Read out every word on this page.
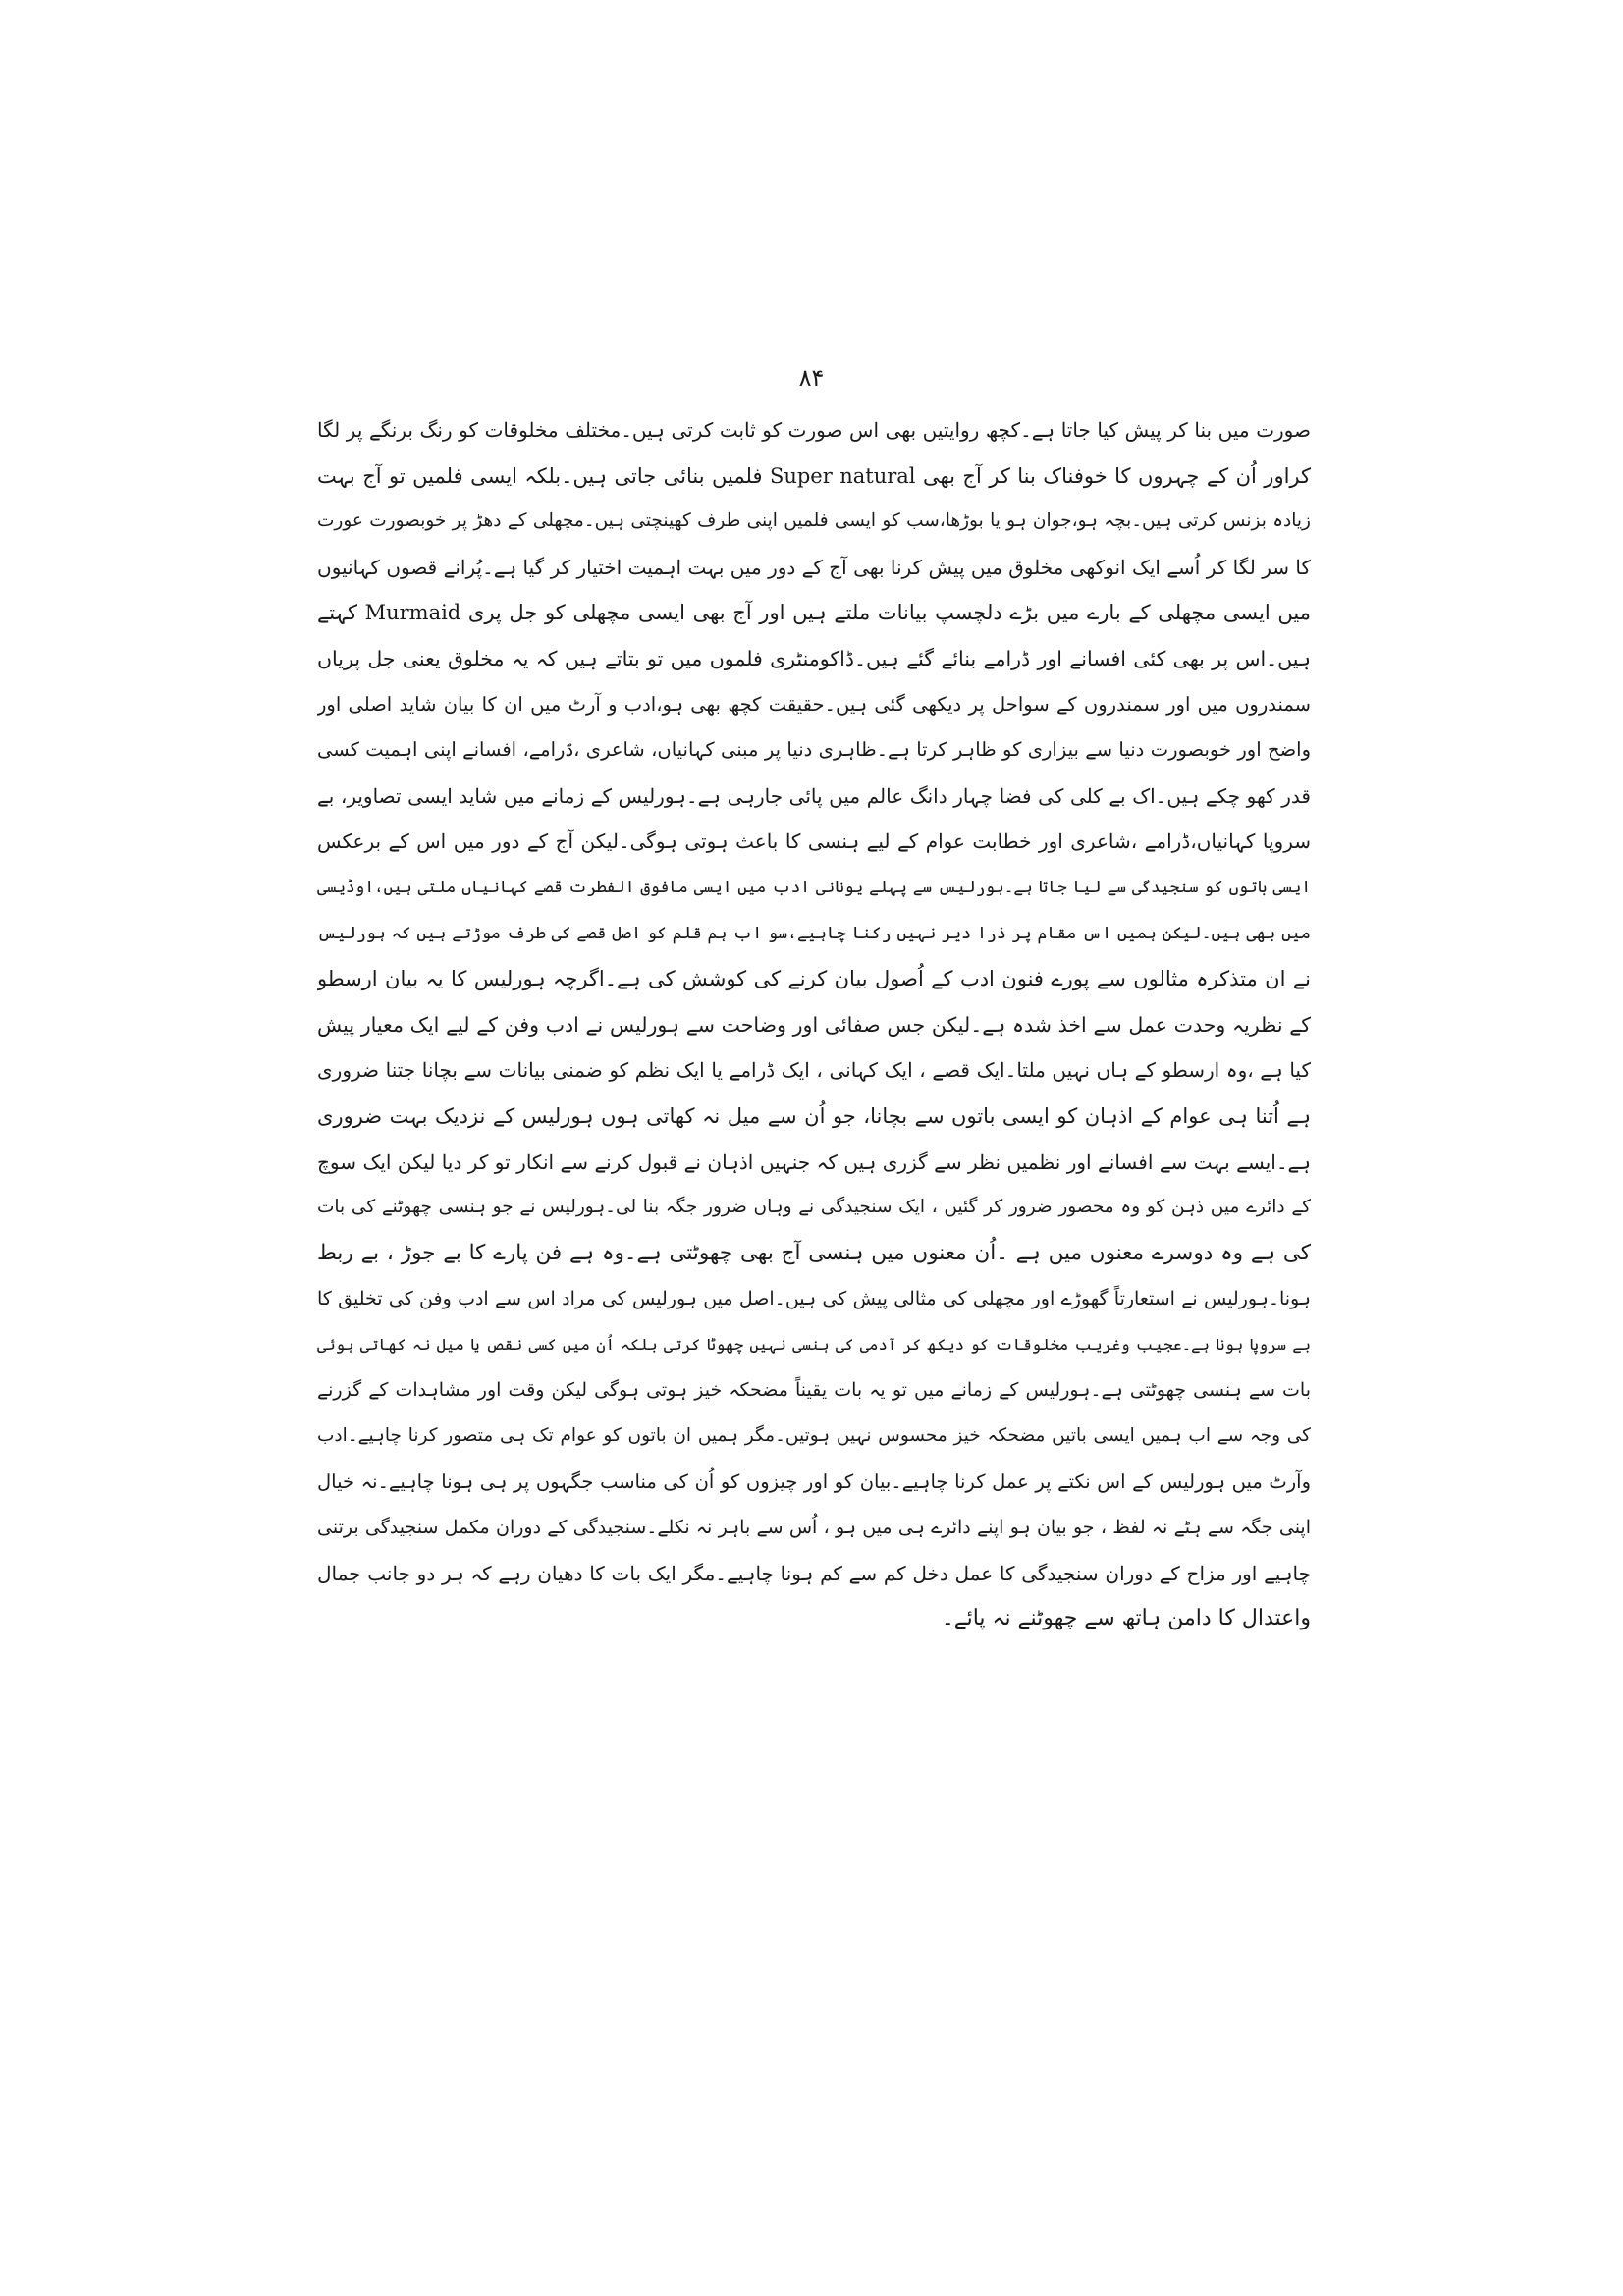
۸۴
صورت میں بنا کر پیش کیا جاتا ہے۔کچھ روایتیں بھی اس صورت کو ثابت کرتی ہیں۔مختلف مخلوقات کو رنگ برنگے پر لگا
کراور اُن کے چہروں کا خوفناک بنا کر آج بھی Super natural فلمیں بنائی جاتی ہیں۔بلکہ ایسی فلمیں تو آج بہت
زیادہ بزنس کرتی ہیں۔بچہ ہو،جوان ہو یا بوڑھا،سب کو ایسی فلمیں اپنی طرف کھینچتی ہیں۔مچھلی کے دھڑ پر خوبصورت عورت
کا سر لگا کر اُسے ایک انوکھی مخلوق میں پیش کرنا بھی آج کے دور میں بہت اہمیت اختیار کر گیا ہے۔پُرانے قصوں کہانیوں
میں ایسی مچھلی کے بارے میں بڑے دلچسپ بیانات ملتے ہیں اور آج بھی ایسی مچھلی کو جل پری Murmaid کہتے
ہیں۔اس پر بھی کئی افسانے اور ڈرامے بنائے گئے ہیں۔ڈاکومنٹری فلموں میں تو بتاتے ہیں کہ یہ مخلوق یعنی جل پریاں
سمندروں میں اور سمندروں کے سواحل پر دیکھی گئی ہیں۔حقیقت کچھ بھی ہو،ادب و آرٹ میں ان کا بیان شاید اصلی اور
واضح اور خوبصورت دنیا سے بیزاری کو ظاہر کرتا ہے۔ظاہری دنیا پر مبنی کہانیاں، شاعری ،ڈرامے، افسانے اپنی اہمیت کسی
قدر کھو چکے ہیں۔اک بے کلی کی فضا چہار دانگ عالم میں پائی جارہی ہے۔ہورلیس کے زمانے میں شاید ایسی تصاویر، بے
سروپا کہانیاں،ڈرامے ،شاعری اور خطابت عوام کے لیے ہنسی کا باعث ہوتی ہوگی۔لیکن آج کے دور میں اس کے برعکس
ایسی باتوں کو سنجیدگی سے لیا جاتا ہے۔ہورلیس سے پہلے یونانی ادب میں ایسی مافوق الفطرت قصے کہانیاں ملتی ہیں،اوڈیسی
میں بھی ہیں۔لیکن ہمیں اس مقام پر ذرا دیر نہیں رکنا چاہیے،سو اب ہم قلم کو اصل قصے کی طرف موڑتے ہیں کہ ہورلیس
نے ان متذکرہ مثالوں سے پورے فنون ادب کے اُصول بیان کرنے کی کوشش کی ہے۔اگرچہ ہورلیس کا یہ بیان ارسطو
کے نظریہ وحدت عمل سے اخذ شدہ ہے۔لیکن جس صفائی اور وضاحت سے ہورلیس نے ادب وفن کے لیے ایک معیار پیش
کیا ہے ،وہ ارسطو کے ہاں نہیں ملتا۔ایک قصے ، ایک کہانی ، ایک ڈرامے یا ایک نظم کو ضمنی بیانات سے بچانا جتنا ضروری
ہے اُتنا ہی عوام کے اذہان کو ایسی باتوں سے بچانا، جو اُن سے میل نہ کھاتی ہوں ہورلیس کے نزدیک بہت ضروری
ہے۔ایسے بہت سے افسانے اور نظمیں نظر سے گزری ہیں کہ جنہیں اذہان نے قبول کرنے سے انکار تو کر دیا لیکن ایک سوچ
کے دائرے میں ذہن کو وہ محصور ضرور کر گئیں ، ایک سنجیدگی نے وہاں ضرور جگہ بنا لی۔ہورلیس نے جو ہنسی چھوٹنے کی بات
کی ہے وہ دوسرے معنوں میں ہے ۔اُن معنوں میں ہنسی آج بھی چھوٹتی ہے۔وہ ہے فن پارے کا بے جوڑ ، بے ربط
ہونا۔ہورلیس نے استعارتاً گھوڑے اور مچھلی کی مثالی پیش کی ہیں۔اصل میں ہورلیس کی مراد اس سے ادب وفن کی تخلیق کا
بے سروپا ہونا ہے۔عجیب وغریب مخلوقات کو دیکھ کر آدمی کی ہنسی نہیں چھوٹا کرتی بلکہ اُن میں کسی نقص یا میل نہ کھاتی ہوئی
بات سے ہنسی چھوٹتی ہے۔ہورلیس کے زمانے میں تو یہ بات یقیناً مضحکہ خیز ہوتی ہوگی لیکن وقت اور مشاہدات کے گزرنے
کی وجہ سے اب ہمیں ایسی باتیں مضحکہ خیز محسوس نہیں ہوتیں۔مگر ہمیں ان باتوں کو عوام تک ہی متصور کرنا چاہیے۔ادب
وآرٹ میں ہورلیس کے اس نکتے پر عمل کرنا چاہیے۔بیان کو اور چیزوں کو اُن کی مناسب جگہوں پر ہی ہونا چاہیے۔نہ خیال
اپنی جگہ سے ہٹے نہ لفظ ، جو بیان ہو اپنے دائرے ہی میں ہو ، اُس سے باہر نہ نکلے۔سنجیدگی کے دوران مکمل سنجیدگی برتنی
چاہیے اور مزاح کے دوران سنجیدگی کا عمل دخل کم سے کم ہونا چاہیے۔مگر ایک بات کا دھیان رہے کہ ہر دو جانب جمال
واعتدال کا دامن ہاتھ سے چھوٹنے نہ پائے۔
